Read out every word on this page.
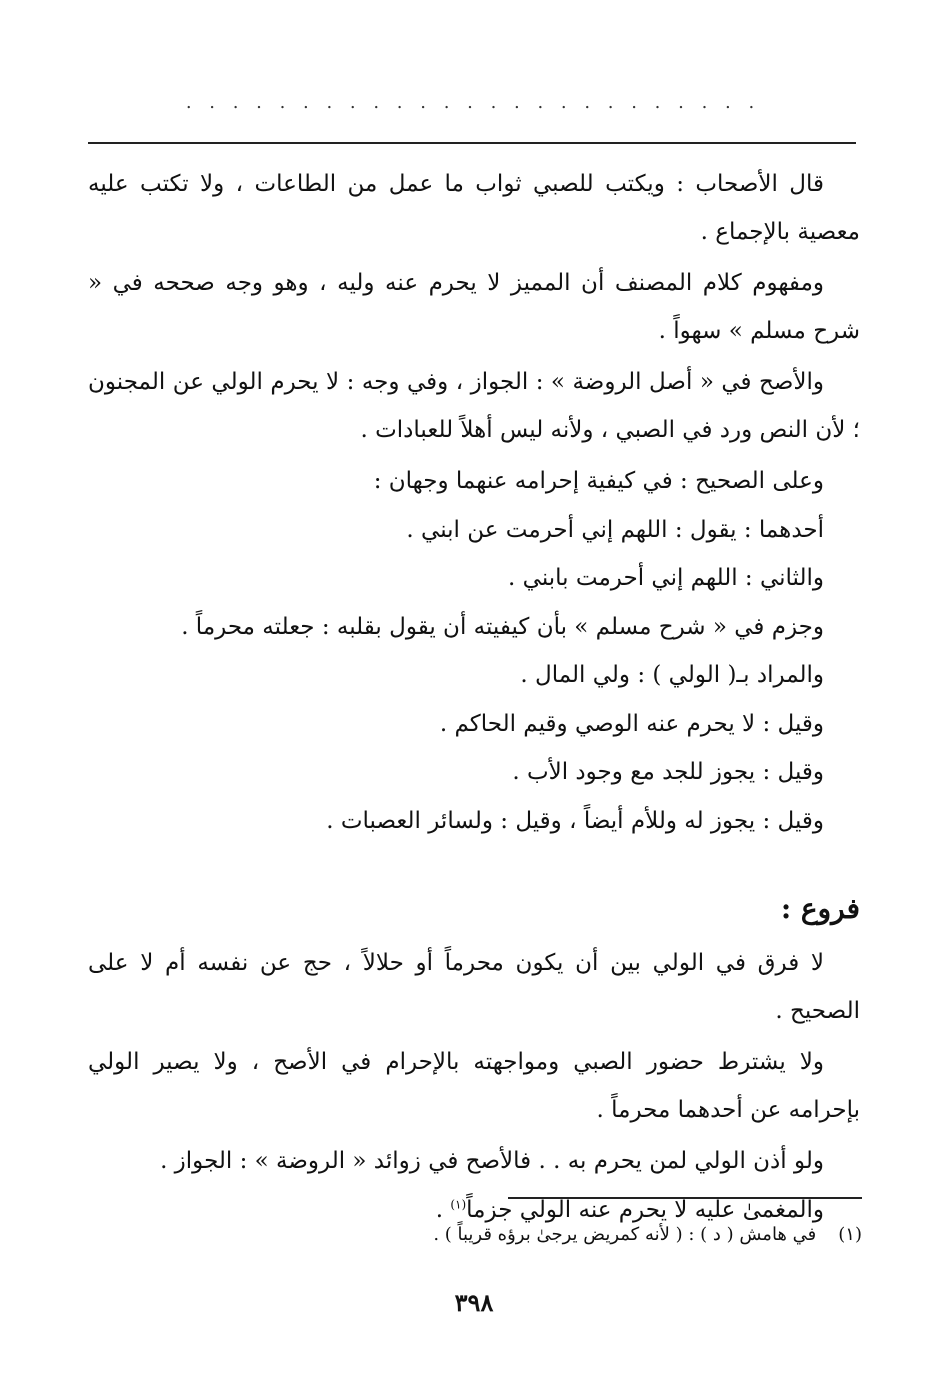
. . . . . . . . . . . . . . . . . . . . . . . . .

قال الأصحاب : ويكتب للصبي ثواب ما عمل من الطاعات ، ولا تكتب عليه معصية بالإجماع .

ومفهوم كلام المصنف أن المميز لا يحرم عنه وليه ، وهو وجه صححه في « شرح مسلم » سهواً .

والأصح في « أصل الروضة » : الجواز ، وفي وجه : لا يحرم الولي عن المجنون ؛ لأن النص ورد في الصبي ، ولأنه ليس أهلاً للعبادات .

وعلى الصحيح : في كيفية إحرامه عنهما وجهان :

أحدهما : يقول : اللهم إني أحرمت عن ابني .

والثاني : اللهم إني أحرمت بابني .

وجزم في « شرح مسلم » بأن كيفيته أن يقول بقلبه : جعلته محرماً .

والمراد بـ( الولي ) : ولي المال .

وقيل : لا يحرم عنه الوصي وقيم الحاكم .

وقيل : يجوز للجد مع وجود الأب .

وقيل : يجوز له وللأم أيضاً ، وقيل : ولسائر العصبات .

فروع :

لا فرق في الولي بين أن يكون محرماً أو حلالاً ، حج عن نفسه أم لا على الصحيح .

ولا يشترط حضور الصبي ومواجهته بالإحرام في الأصح ، ولا يصير الولي بإحرامه عن أحدهما محرماً .

ولو أذن الولي لمن يحرم به . . فالأصح في زوائد « الروضة » : الجواز .

والمغمىٰ عليه لا يحرم عنه الولي جزماً$^{(١)}$ .

(١)في هامش ( د ) : ( لأنه كمريض يرجىٰ برؤه قريباً ) .
٣٩٨
